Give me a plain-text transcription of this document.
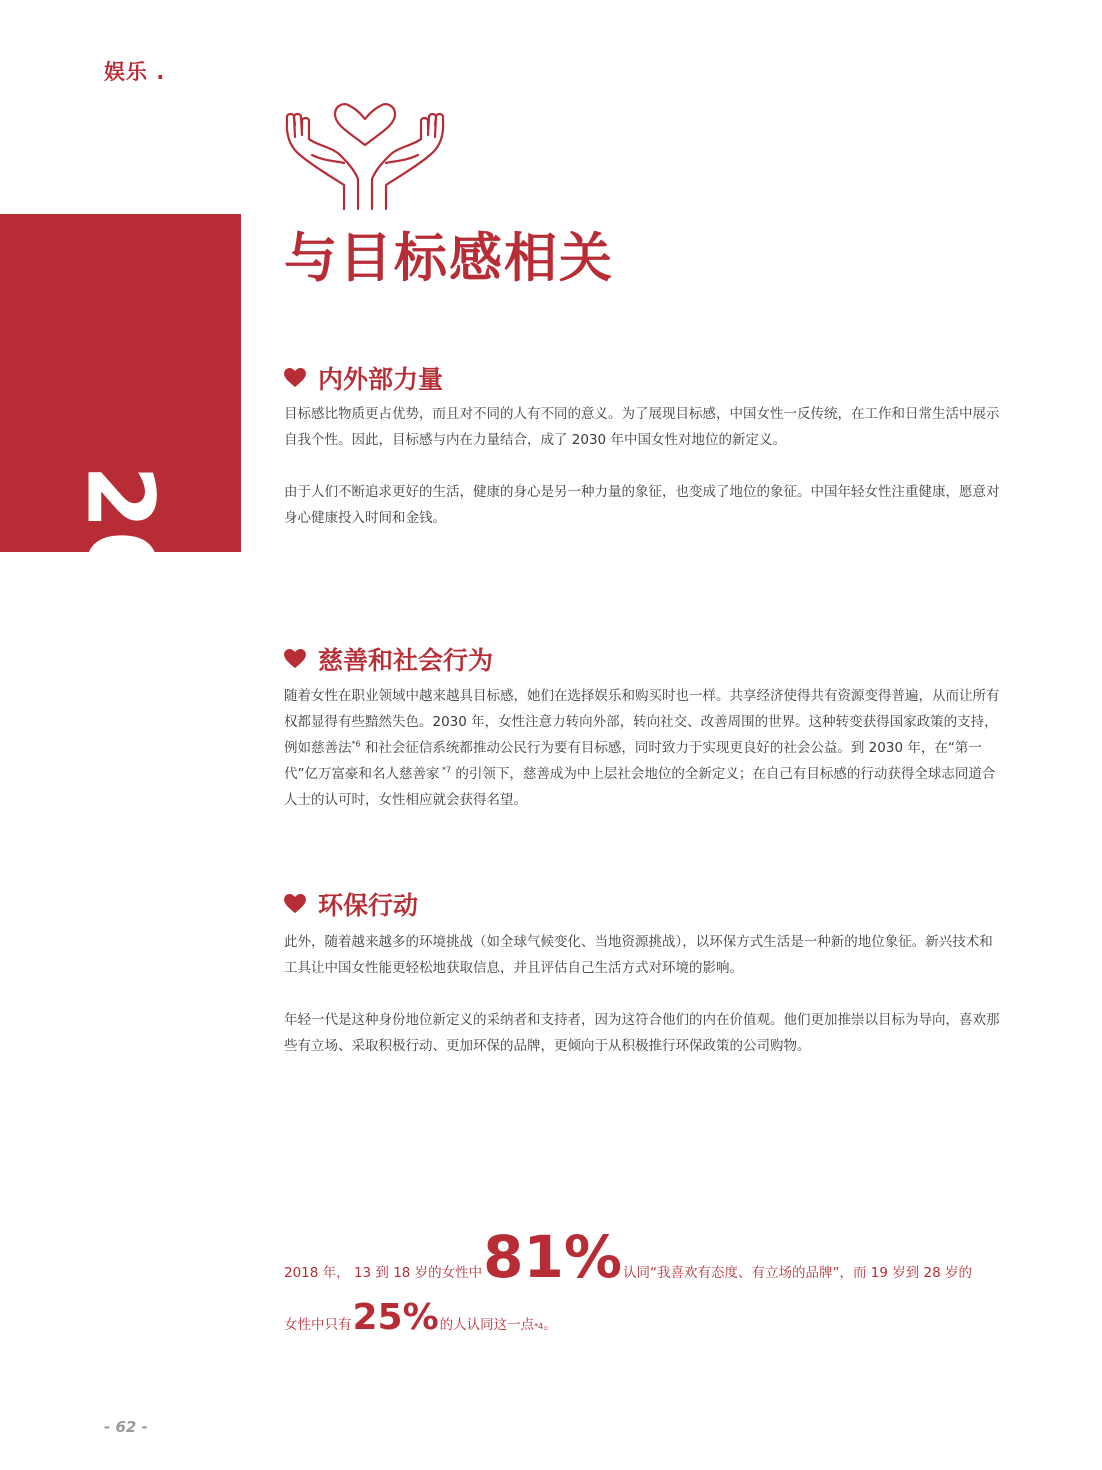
娱乐 .
2030
与目标感相关
内外部力量

目标感比物质更占优势，而且对不同的人有不同的意义。为了展现目标感，中国女性一反传统，在工作和日常生活中展示自我个性。因此，目标感与内在力量结合，成了 2030 年中国女性对地位的新定义。

由于人们不断追求更好的生活，健康的身心是另一种力量的象征，也变成了地位的象征。中国年轻女性注重健康，愿意对身心健康投入时间和金钱。

慈善和社会行为

随着女性在职业领域中越来越具目标感，她们在选择娱乐和购买时也一样。共享经济使得共有资源变得普遍，从而让所有权都显得有些黯然失色。2030 年，女性注意力转向外部，转向社交、改善周围的世界。这种转变获得国家政策的支持，例如慈善法$^{*6}$ 和社会征信系统都推动公民行为要有目标感，同时致力于实现更良好的社会公益。到 2030 年，在“第一代”亿万富豪和名人慈善家 $^{*7}$ 的引领下，慈善成为中上层社会地位的全新定义；在自己有目标感的行动获得全球志同道合人士的认可时，女性相应就会获得名望。

环保行动

此外，随着越来越多的环境挑战（如全球气候变化、当地资源挑战），以环保方式生活是一种新的地位象征。新兴技术和工具让中国女性能更轻松地获取信息，并且评估自己生活方式对环境的影响。

年轻一代是这种身份地位新定义的采纳者和支持者，因为这符合他们的内在价值观。他们更加推崇以目标为导向，喜欢那些有立场、采取积极行动、更加环保的品牌，更倾向于从积极推行环保政策的公司购物。

2018 年， 13 到 18 岁的女性中 81% 认同“我喜欢有态度、有立场的品牌”，而 19 岁到 28 岁的
女性中只有 25% 的人认同这一点 *4 。
- 62 -
